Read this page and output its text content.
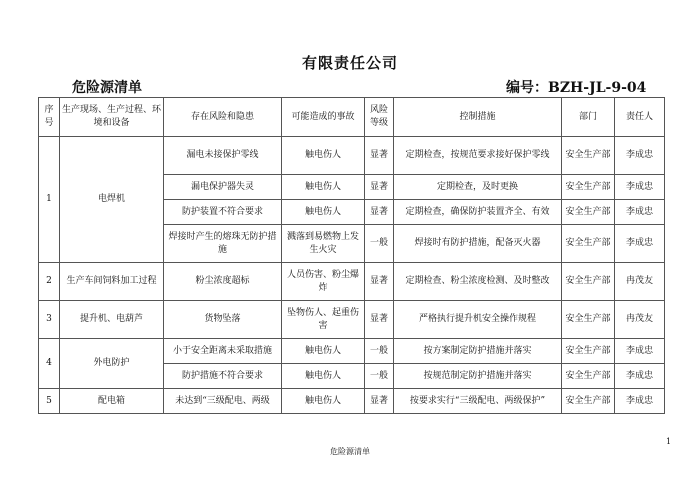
有限责任公司
危险源清单	编号：BZH-JL-9-04
序号	生产现场、生产过程、环境和设备	存在风险和隐患	可能造成的事故	风险等级	控制措施	部门	责任人
1	电焊机	漏电未接保护零线	触电伤人	显著	定期检查，按规范要求接好保护零线	安全生产部	李成忠
		漏电保护器失灵	触电伤人	显著	定期检查，及时更换	安全生产部	李成忠
		防护装置不符合要求	触电伤人	显著	定期检查，确保防护装置齐全、有效	安全生产部	李成忠
		焊接时产生的熔珠无防护措施	溅落到易燃物上发生火灾	一般	焊接时有防护措施，配备灭火器	安全生产部	李成忠
2	生产车间饲料加工过程	粉尘浓度超标	人员伤害、粉尘爆炸	显著	定期检查、粉尘浓度检测、及时整改	安全生产部	冉茂友
3	提升机、电葫芦	货物坠落	坠物伤人、起重伤害	显著	严格执行提升机安全操作规程	安全生产部	冉茂友
4	外电防护	小于安全距离未采取措施	触电伤人	一般	按方案制定防护措施并落实	安全生产部	李成忠
		防护措施不符合要求	触电伤人	一般	按规范制定防护措施并落实	安全生产部	李成忠
5	配电箱	未达到“三级配电、两级	触电伤人	显著	按要求实行“三级配电、两级保护”	安全生产部	李成忠
1
危险源清单
